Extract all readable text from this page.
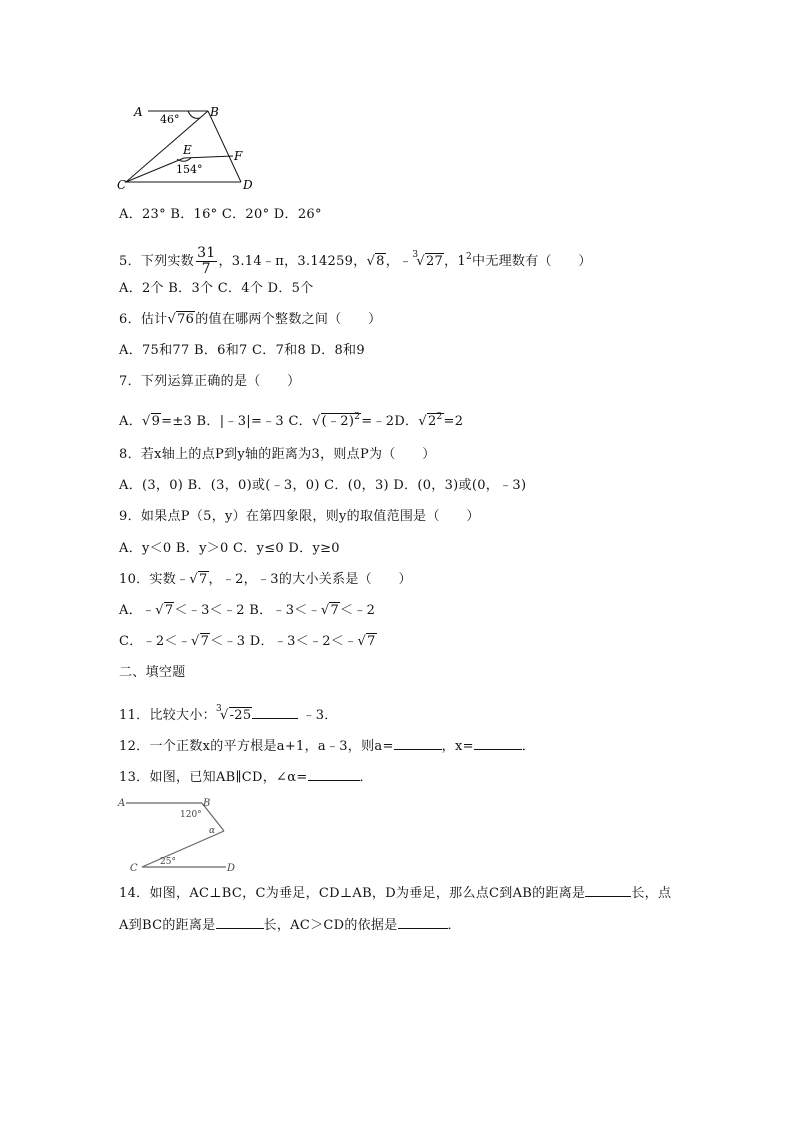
A	B
C	D
E	F
46°
154°
A．23° B．16° C．20° D．26°
5．下列实数 $\frac{31}{7}$ ，3.14﹣π，3.14259，√8，﹣$^3$√27，$1^2$中无理数有（　　）
A．2个 B．3个 C．4个 D．5个
6．估计√76的值在哪两个整数之间（　　）
A．75和77 B．6和7 C．7和8 D．8和9
7．下列运算正确的是（　　）
A．√9=±3 B．|﹣3|=﹣3 C．√(﹣2)$^2$=﹣2D．$√2^2=2$
8．若x轴上的点P到y轴的距离为3，则点P为（　　）
A．(3，0) B．(3，0)或(﹣3，0) C．(0，3) D．(0，3)或(0，﹣3)
9．如果点P（5，y）在第四象限，则y的取值范围是（　　）
A．y＜0 B．y＞0 C．y≤0 D．y≥0
10．实数﹣√7，﹣2，﹣3的大小关系是（　　）
A．﹣√7＜﹣3＜﹣2 B．﹣3＜﹣√7＜﹣2
C．﹣2＜﹣√7＜﹣3 D．﹣3＜﹣2＜﹣√7
二、填空题
11．比较大小：$^3$√-25	﹣3．
12．一个正数x的平方根是a+1，a﹣3，则a=	，x=	．
13．如图，已知AB∥CD，∠α=	．
A	B
C	D
120°
α
25°
14．如图，AC⊥BC，C为垂足，CD⊥AB，D为垂足，那么点C到AB的距离是	长，点
A到BC的距离是	长，AC＞CD的依据是	．
